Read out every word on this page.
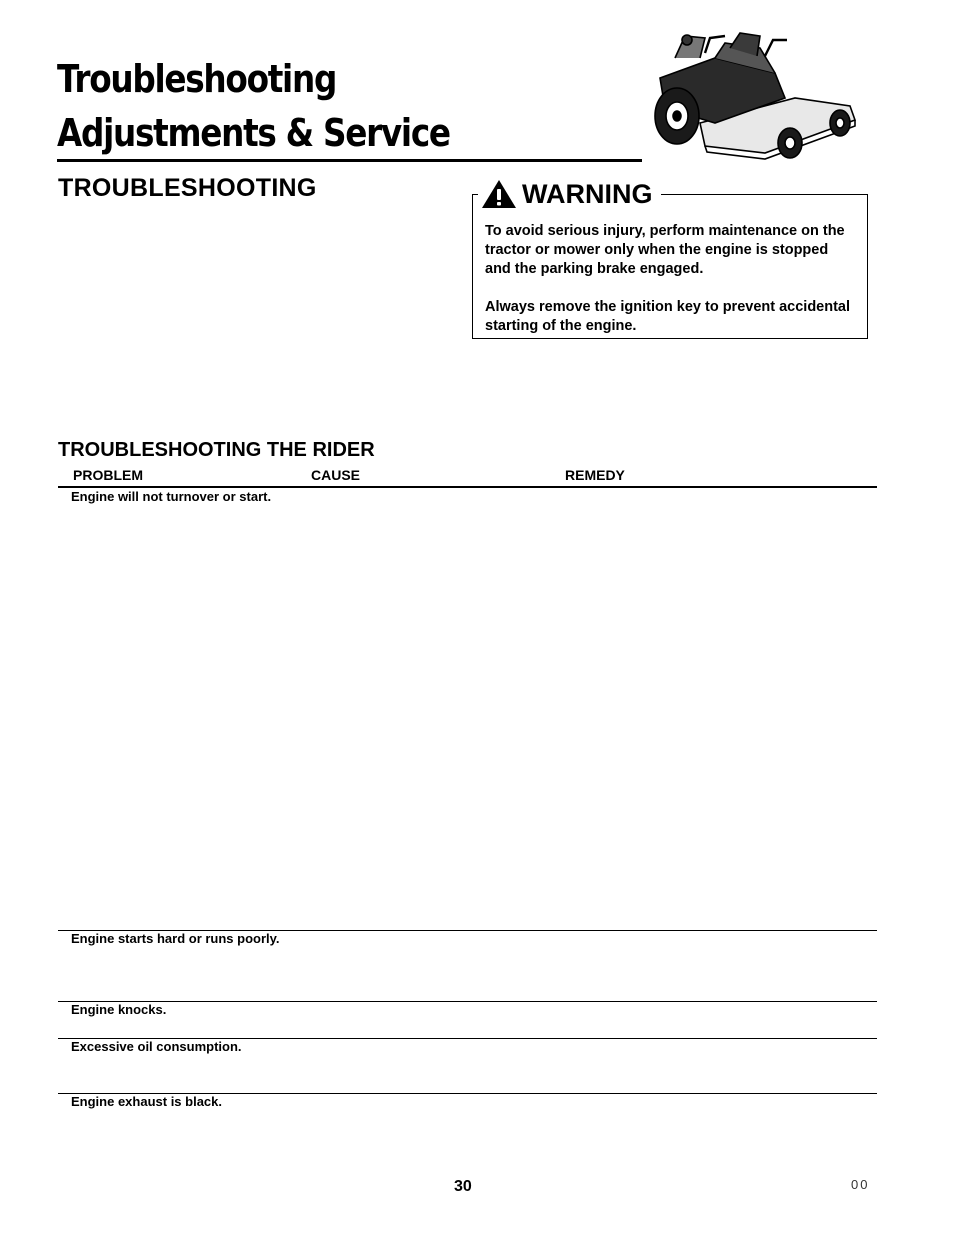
Troubleshooting
Adjustments & Service
TROUBLESHOOTING	WARNING

To avoid serious injury, perform maintenance on the tractor or mower only when the engine is stopped and the parking brake engaged.

Always remove the ignition key to prevent accidental starting of the engine.

TROUBLESHOOTING THE RIDER
PROBLEM	CAUSE	REMEDY
Engine will not turnover or start.
Engine starts hard or runs poorly.
Engine knocks.
Excessive oil consumption.
Engine exhaust is black.
30	00
